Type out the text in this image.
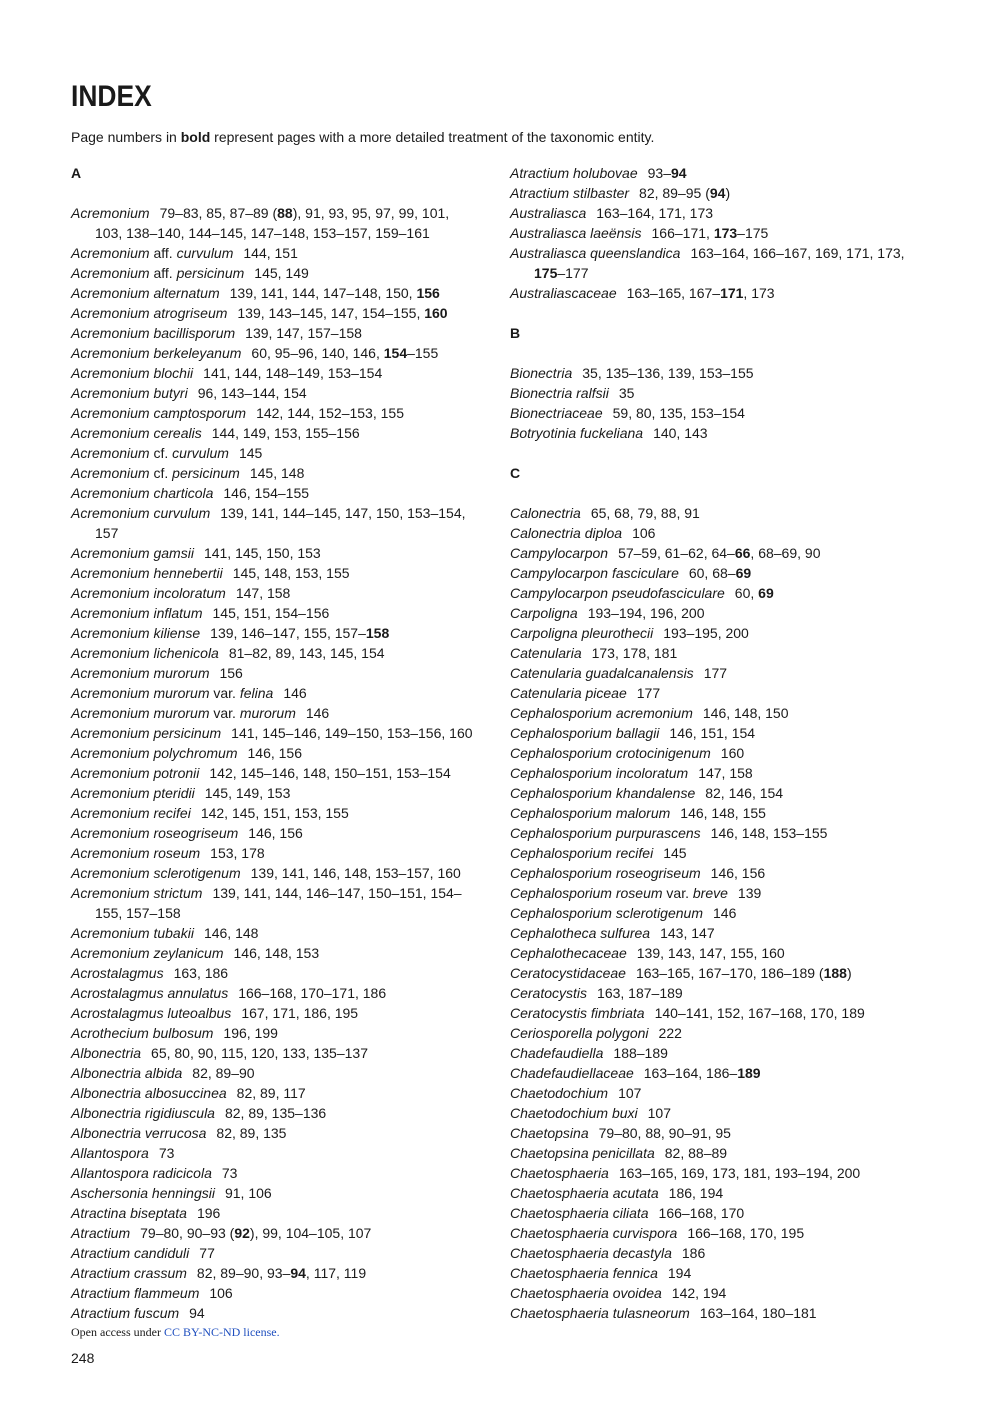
INDEX
Page numbers in bold represent pages with a more detailed treatment of the taxonomic entity.
A
Acremonium 79–83, 85, 87–89 (88), 91, 93, 95, 97, 99, 101, 103, 138–140, 144–145, 147–148, 153–157, 159–161
Acremonium aff. curvulum 144, 151
Acremonium aff. persicinum 145, 149
Acremonium alternatum 139, 141, 144, 147–148, 150, 156
Acremonium atrogriseum 139, 143–145, 147, 154–155, 160
Acremonium bacillisporum 139, 147, 157–158
Acremonium berkeleyanum 60, 95–96, 140, 146, 154–155
Acremonium blochii 141, 144, 148–149, 153–154
Acremonium butyri 96, 143–144, 154
Acremonium camptosporum 142, 144, 152–153, 155
Acremonium cerealis 144, 149, 153, 155–156
Acremonium cf. curvulum 145
Acremonium cf. persicinum 145, 148
Acremonium charticola 146, 154–155
Acremonium curvulum 139, 141, 144–145, 147, 150, 153–154, 157
Acremonium gamsii 141, 145, 150, 153
Acremonium hennebertii 145, 148, 153, 155
Acremonium incoloratum 147, 158
Acremonium inflatum 145, 151, 154–156
Acremonium kiliense 139, 146–147, 155, 157–158
Acremonium lichenicola 81–82, 89, 143, 145, 154
Acremonium murorum 156
Acremonium murorum var. felina 146
Acremonium murorum var. murorum 146
Acremonium persicinum 141, 145–146, 149–150, 153–156, 160
Acremonium polychromum 146, 156
Acremonium potronii 142, 145–146, 148, 150–151, 153–154
Acremonium pteridii 145, 149, 153
Acremonium recifei 142, 145, 151, 153, 155
Acremonium roseogriseum 146, 156
Acremonium roseum 153, 178
Acremonium sclerotigenum 139, 141, 146, 148, 153–157, 160
Acremonium strictum 139, 141, 144, 146–147, 150–151, 154–155, 157–158
Acremonium tubakii 146, 148
Acremonium zeylanicum 146, 148, 153
Acrostalagmus 163, 186
Acrostalagmus annulatus 166–168, 170–171, 186
Acrostalagmus luteoalbus 167, 171, 186, 195
Acrothecium bulbosum 196, 199
Albonectria 65, 80, 90, 115, 120, 133, 135–137
Albonectria albida 82, 89–90
Albonectria albosuccinea 82, 89, 117
Albonectria rigidiuscula 82, 89, 135–136
Albonectria verrucosa 82, 89, 135
Allantospora 73
Allantospora radicicola 73
Aschersonia henningsii 91, 106
Atractina biseptata 196
Atractium 79–80, 90–93 (92), 99, 104–105, 107
Atractium candiduli 77
Atractium crassum 82, 89–90, 93–94, 117, 119
Atractium flammeum 106
Atractium fuscum 94
Atractium holubovae 93–94
Atractium stilbaster 82, 89–95 (94)
Australiasca 163–164, 171, 173
Australiasca laeënsis 166–171, 173–175
Australiasca queenslandica 163–164, 166–167, 169, 171, 173, 175–177
Australiascaceae 163–165, 167–171, 173
B
Bionectria 35, 135–136, 139, 153–155
Bionectria ralfsii 35
Bionectriaceae 59, 80, 135, 153–154
Botryotinia fuckeliana 140, 143
C
Calonectria 65, 68, 79, 88, 91
Calonectria diploa 106
Campylocarpon 57–59, 61–62, 64–66, 68–69, 90
Campylocarpon fasciculare 60, 68–69
Campylocarpon pseudofasciculare 60, 69
Carpoligna 193–194, 196, 200
Carpoligna pleurothecii 193–195, 200
Catenularia 173, 178, 181
Catenularia guadalcanalensis 177
Catenularia piceae 177
Cephalosporium acremonium 146, 148, 150
Cephalosporium ballagii 146, 151, 154
Cephalosporium crotocinigenum 160
Cephalosporium incoloratum 147, 158
Cephalosporium khandalense 82, 146, 154
Cephalosporium malorum 146, 148, 155
Cephalosporium purpurascens 146, 148, 153–155
Cephalosporium recifei 145
Cephalosporium roseogriseum 146, 156
Cephalosporium roseum var. breve 139
Cephalosporium sclerotigenum 146
Cephalotheca sulfurea 143, 147
Cephalothecaceae 139, 143, 147, 155, 160
Ceratocystidaceae 163–165, 167–170, 186–189 (188)
Ceratocystis 163, 187–189
Ceratocystis fimbriata 140–141, 152, 167–168, 170, 189
Ceriosporella polygoni 222
Chadefaudiella 188–189
Chadefaudiellaceae 163–164, 186–189
Chaetodochium 107
Chaetodochium buxi 107
Chaetopsina 79–80, 88, 90–91, 95
Chaetopsina penicillata 82, 88–89
Chaetosphaeria 163–165, 169, 173, 181, 193–194, 200
Chaetosphaeria acutata 186, 194
Chaetosphaeria ciliata 166–168, 170
Chaetosphaeria curvispora 166–168, 170, 195
Chaetosphaeria decastyla 186
Chaetosphaeria fennica 194
Chaetosphaeria ovoidea 142, 194
Chaetosphaeria tulasneorum 163–164, 180–181
Open access under CC BY-NC-ND license.
248
